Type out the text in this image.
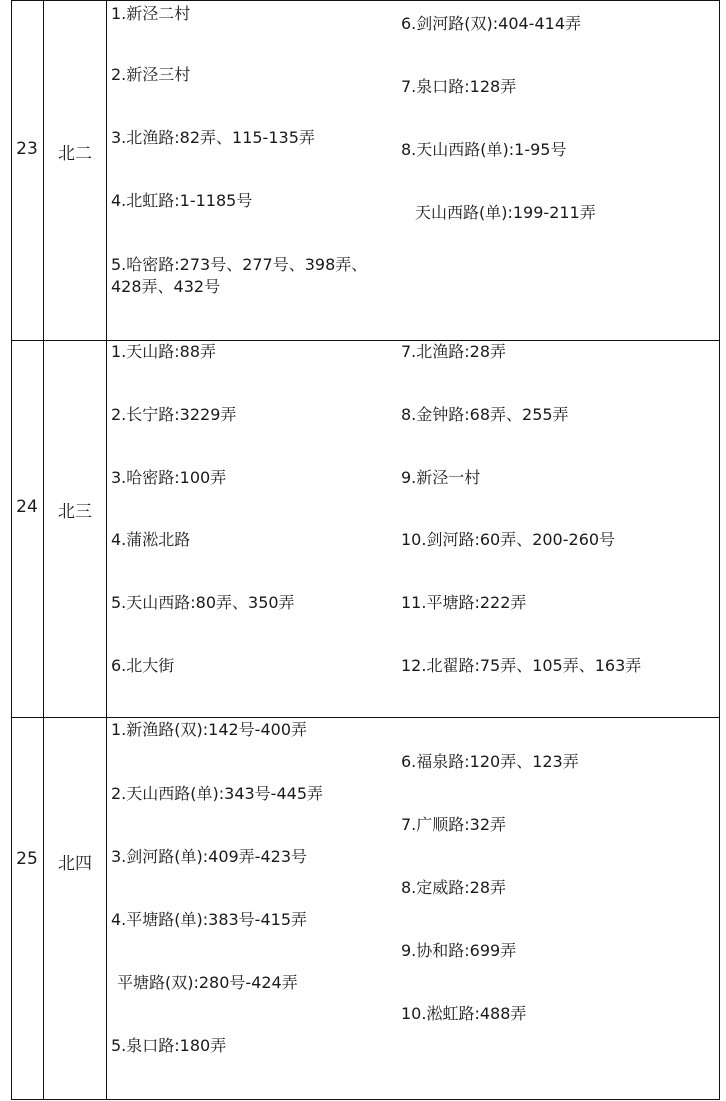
23	北二
1.新泾二村
2.新泾三村
3.北渔路:82弄、115-135弄
4.北虹路:1-1185号
5.哈密路:273号、277号、398弄、428弄、432号
6.剑河路(双):404-414弄
7.泉口路:128弄
8.天山西路(单):1-95号
天山西路(单):199-211弄
24	北三
1.天山路:88弄
2.长宁路:3229弄
3.哈密路:100弄
4.蒲淞北路
5.天山西路:80弄、350弄
6.北大街
7.北渔路:28弄
8.金钟路:68弄、255弄
9.新泾一村
10.剑河路:60弄、200-260号
11.平塘路:222弄
12.北翟路:75弄、105弄、163弄
25	北四
1.新渔路(双):142号-400弄
2.天山西路(单):343号-445弄
3.剑河路(单):409弄-423号
4.平塘路(单):383号-415弄
平塘路(双):280号-424弄
5.泉口路:180弄
6.福泉路:120弄、123弄
7.广顺路:32弄
8.定威路:28弄
9.协和路:699弄
10.淞虹路:488弄
